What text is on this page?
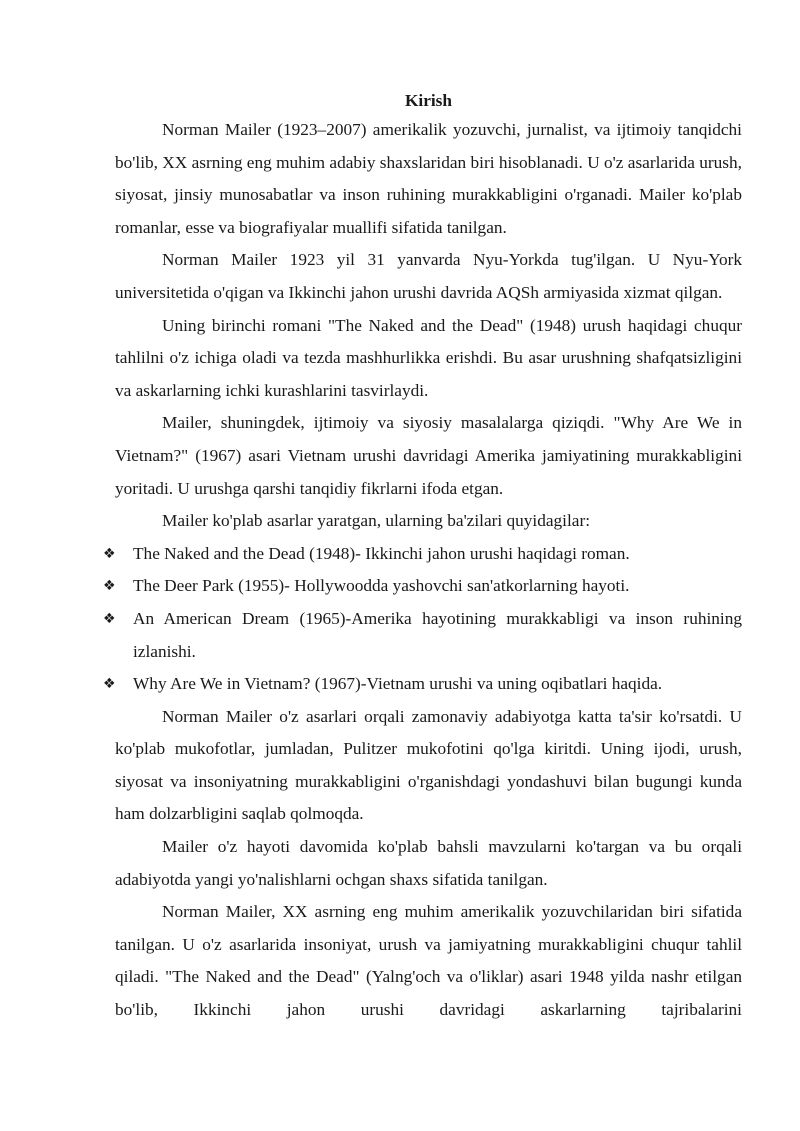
Kirish

Norman Mailer (1923–2007) amerikalik yozuvchi, jurnalist, va ijtimoiy tanqidchi bo'lib, XX asrning eng muhim adabiy shaxslaridan biri hisoblanadi. U o'z asarlarida urush, siyosat, jinsiy munosabatlar va inson ruhining murakkabligini o'rganadi. Mailer ko'plab romanlar, esse va biografiyalar muallifi sifatida tanilgan.

Norman Mailer 1923 yil 31 yanvarda Nyu-Yorkda tug'ilgan. U Nyu-York universitetida o'qigan va Ikkinchi jahon urushi davrida AQSh armiyasida xizmat qilgan.

Uning birinchi romani "The Naked and the Dead" (1948) urush haqidagi chuqur tahlilni o'z ichiga oladi va tezda mashhurlikka erishdi. Bu asar urushning shafqatsizligini va askarlarning ichki kurashlarini tasvirlaydi.

Mailer, shuningdek, ijtimoiy va siyosiy masalalarga qiziqdi. "Why Are We in Vietnam?" (1967) asari Vietnam urushi davridagi Amerika jamiyatining murakkabligini yoritadi. U urushga qarshi tanqidiy fikrlarni ifoda etgan.

Mailer ko'plab asarlar yaratgan, ularning ba'zilari quyidagilar:

❖	The Naked and the Dead (1948)- Ikkinchi jahon urushi haqidagi roman.
❖	The Deer Park (1955)- Hollywoodda yashovchi san'atkorlarning hayoti.
❖	An American Dream (1965)-Amerika hayotining murakkabligi va inson ruhining izlanishi.
❖	Why Are We in Vietnam? (1967)-Vietnam urushi va uning oqibatlari haqida.

Norman Mailer o'z asarlari orqali zamonaviy adabiyotga katta ta'sir ko'rsatdi. U ko'plab mukofotlar, jumladan, Pulitzer mukofotini qo'lga kiritdi. Uning ijodi, urush, siyosat va insoniyatning murakkabligini o'rganishdagi yondashuvi bilan bugungi kunda ham dolzarbligini saqlab qolmoqda.

Mailer o'z hayoti davomida ko'plab bahsli mavzularni ko'targan va bu orqali adabiyotda yangi yo'nalishlarni ochgan shaxs sifatida tanilgan.

Norman Mailer, XX asrning eng muhim amerikalik yozuvchilaridan biri sifatida tanilgan. U o'z asarlarida insoniyat, urush va jamiyatning murakkabligini chuqur tahlil qiladi. "The Naked and the Dead" (Yalng'och va o'liklar) asari 1948 yilda nashr etilgan bo'lib, Ikkinchi jahon urushi davridagi askarlarning tajribalarini
